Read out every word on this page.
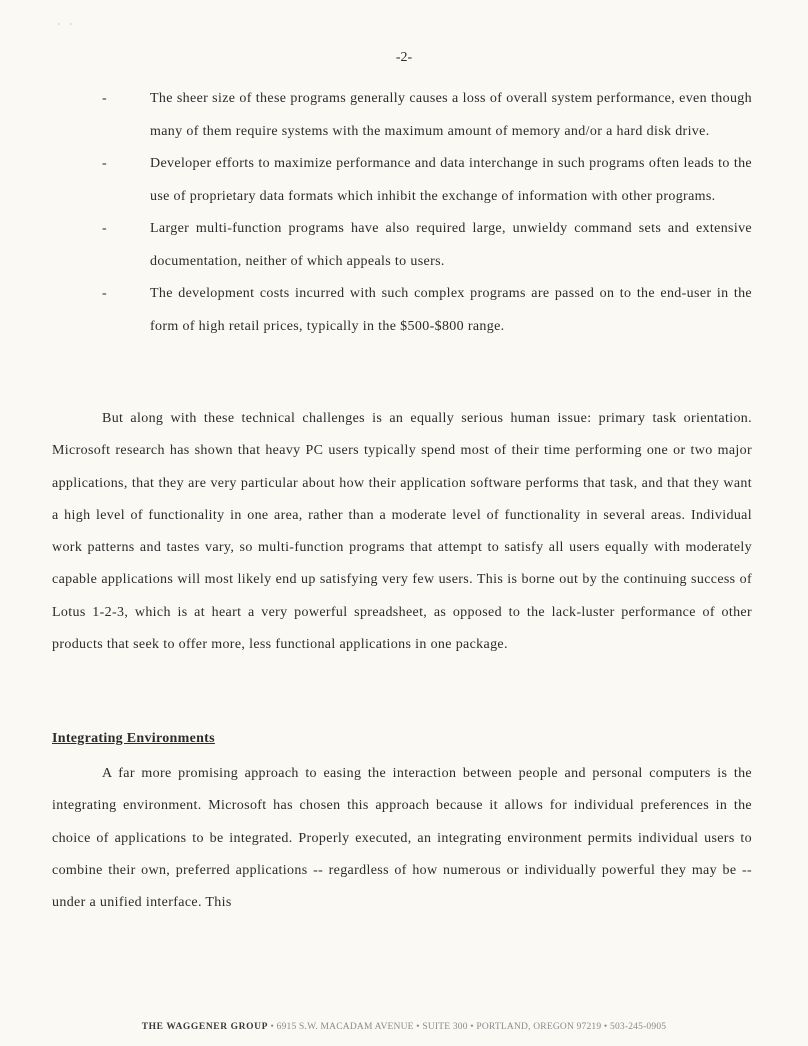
-2-
-	The sheer size of these programs generally causes a loss of overall system performance, even though many of them require systems with the maximum amount of memory and/or a hard disk drive.
-	Developer efforts to maximize performance and data interchange in such programs often leads to the use of proprietary data formats which inhibit the exchange of information with other programs.
-	Larger multi-function programs have also required large, unwieldy command sets and extensive documentation, neither of which appeals to users.
-	The development costs incurred with such complex programs are passed on to the end-user in the form of high retail prices, typically in the $500-$800 range.

But along with these technical challenges is an equally serious human issue: primary task orientation. Microsoft research has shown that heavy PC users typically spend most of their time performing one or two major applications, that they are very particular about how their application software performs that task, and that they want a high level of functionality in one area, rather than a moderate level of functionality in several areas. Individual work patterns and tastes vary, so multi-function programs that attempt to satisfy all users equally with moderately capable applications will most likely end up satisfying very few users. This is borne out by the continuing success of Lotus 1-2-3, which is at heart a very powerful spreadsheet, as opposed to the lack-luster performance of other products that seek to offer more, less functional applications in one package.

Integrating Environments

A far more promising approach to easing the interaction between people and personal computers is the integrating environment. Microsoft has chosen this approach because it allows for individual preferences in the choice of applications to be integrated. Properly executed, an integrating environment permits individual users to combine their own, preferred applications -- regardless of how numerous or individually powerful they may be -- under a unified interface. This

THE WAGGENER GROUP • 6915 S.W. MACADAM AVENUE • SUITE 300 • PORTLAND, OREGON 97219 • 503-245-0905
